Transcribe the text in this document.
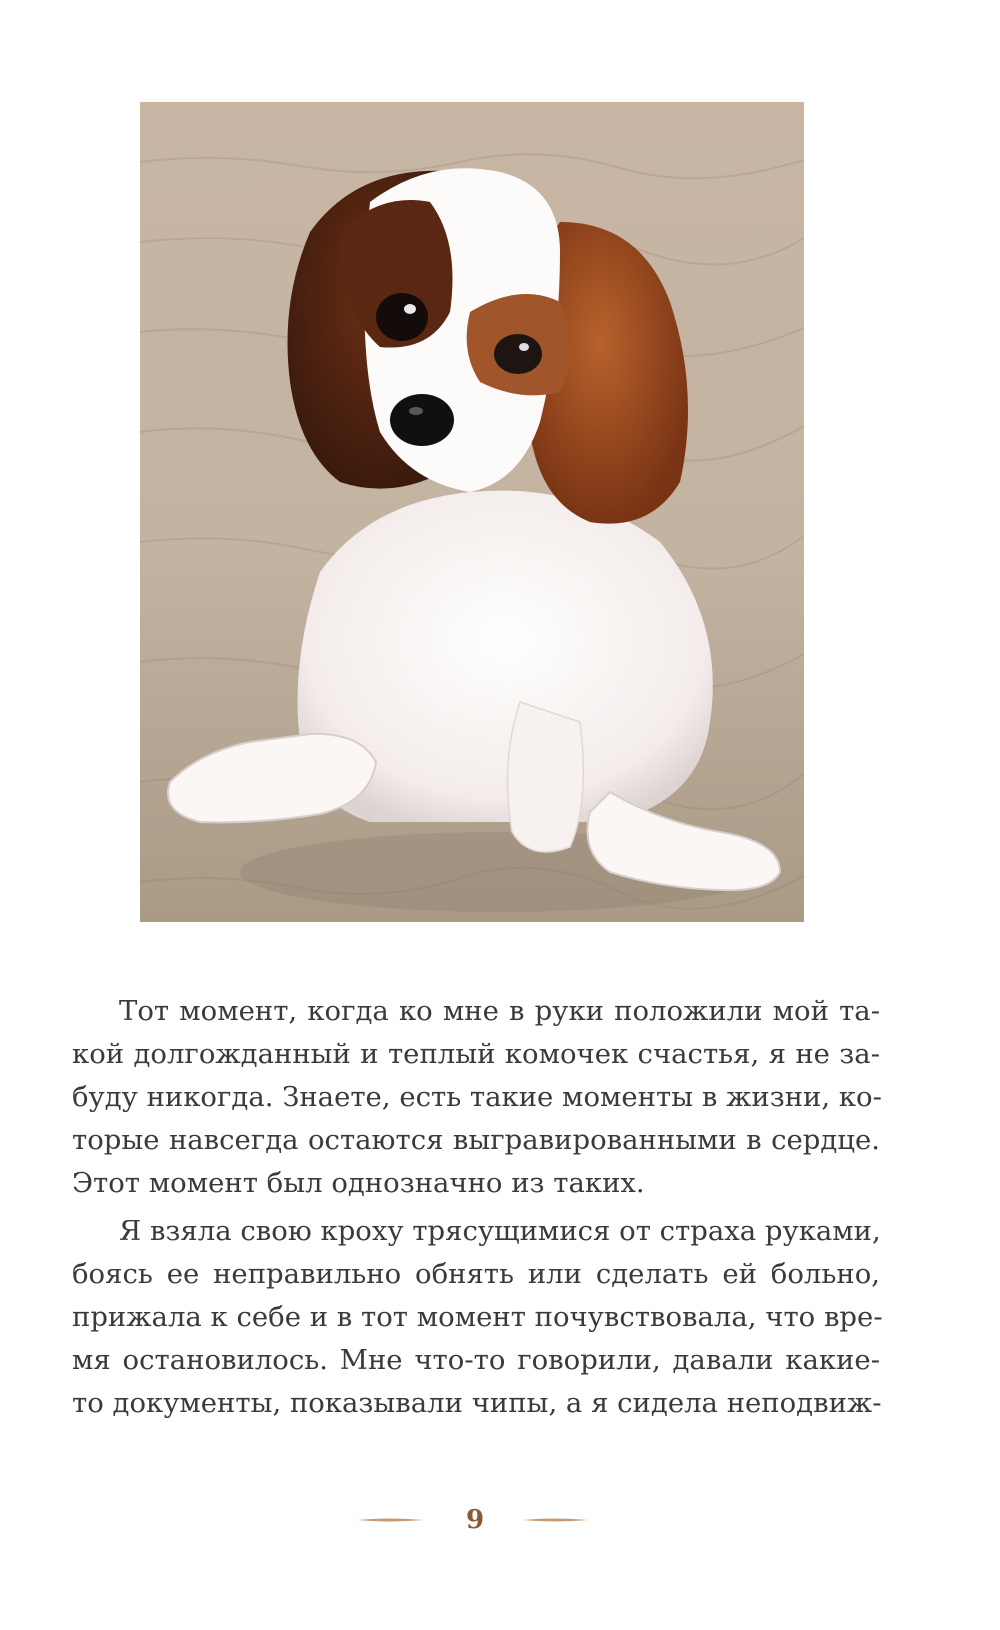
Тот момент, когда ко мне в руки положили мой та-
кой долгожданный и теплый комочек счастья, я не за-
буду никогда. Знаете, есть такие моменты в жизни, ко-
торые навсегда остаются выгравированными в сердце.
Этот момент был однозначно из таких.
Я взяла свою кроху трясущимися от страха руками,
боясь ее неправильно обнять или сделать ей больно,
прижала к себе и в тот момент почувствовала, что вре-
мя остановилось. Мне что-то говорили, давали какие-
то документы, показывали чипы, а я сидела неподвиж-
9
